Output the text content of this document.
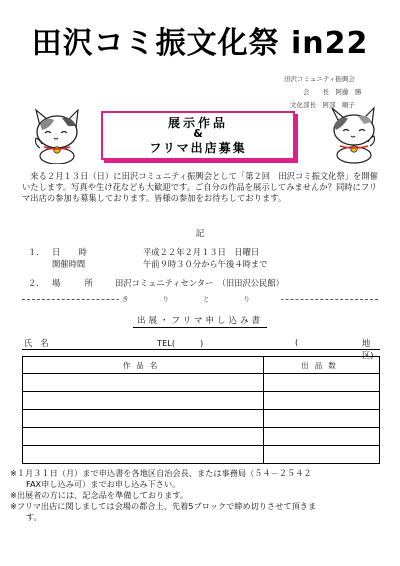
田沢コミ振文化祭 in22
田沢コミュニティ振興会
会　　長　阿藤　勝
文化部長　阿部　順子
展示作品
&
フリマ出店募集
　来る２月１３日（日）に田沢コミュニティ振興会として「第２回　田沢コミ振文化祭」を開催いたします。写真や生け花なども大歓迎です。ご自分の作品を展示してみませんか？同時にフリマ出店の参加も募集しております。皆様の参加をお待ちしております。
記
１． 日　時	平成２２年２月１３日　日曜日
開催時間	午前９時３０分から午後４時まで
２． 場　所 田沢コミュニティセンター　（旧田沢公民館）
き り と り
出展・フリマ申し込み書
氏名	TEL(　　　)	(	地区)
作品名	出品数

※１月３１日（月）まで申込書を各地区自治会長、または事務局（５４－２５４２
FAX申し込み可）までお申し込み下さい。
※出展者の方には、記念品を準備しております。
※フリマ出店に関しましては会場の都合上、先着5ブロックで締め切りさせて頂きま
す。
